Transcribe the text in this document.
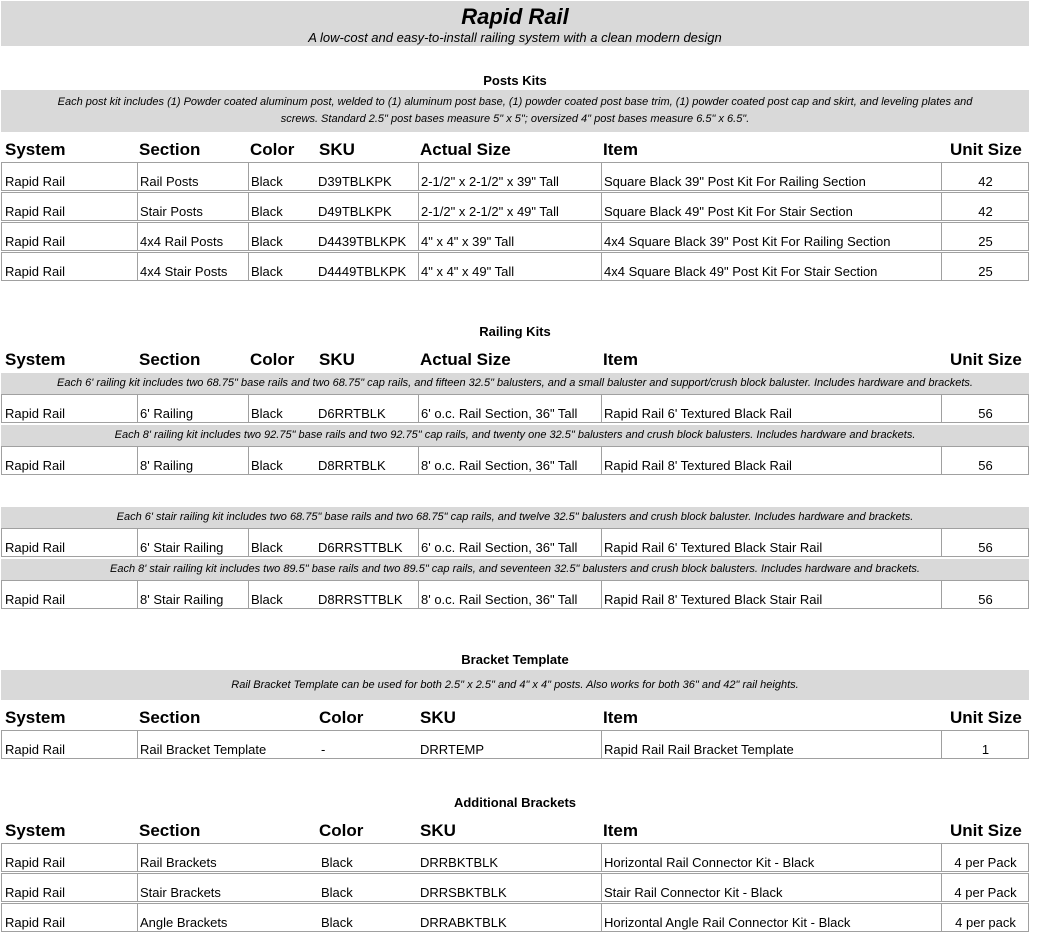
Rapid Rail
A low-cost and easy-to-install railing system with a clean modern design
Posts Kits
Each post kit includes (1) Powder coated aluminum post, welded to (1) aluminum post base, (1) powder coated post base trim, (1) powder coated post cap and skirt, and leveling plates and
screws. Standard 2.5" post bases measure 5" x 5"; oversized 4" post bases measure 6.5" x 6.5".
System	Section	Color SKU	Actual Size	Item	Unit Size
Rapid Rail	Rail Posts	Black	D39TBLKPK	2-1/2" x 2-1/2" x 39" Tall	Square Black 39" Post Kit For Railing Section	42
Rapid Rail	Stair Posts	Black	D49TBLKPK	2-1/2" x 2-1/2" x 49" Tall	Square Black 49" Post Kit For Stair Section	42
Rapid Rail	4x4 Rail Posts	Black	D4439TBLKPK	4" x 4" x 39" Tall	4x4 Square Black 39" Post Kit For Railing Section	25
Rapid Rail	4x4 Stair Posts	Black	D4449TBLKPK	4" x 4" x 49" Tall	4x4 Square Black 49" Post Kit For Stair Section	25
Railing Kits
System	Section	Color SKU	Actual Size	Item	Unit Size
Each 6' railing kit includes two 68.75" base rails and two 68.75" cap rails, and fifteen 32.5" balusters, and a small baluster and support/crush block baluster. Includes hardware and brackets.
Rapid Rail	6' Railing	Black	D6RRTBLK	6' o.c. Rail Section, 36" Tall	Rapid Rail 6' Textured Black Rail	56
Each 8' railing kit includes two 92.75" base rails and two 92.75" cap rails, and twenty one 32.5" balusters and crush block balusters. Includes hardware and brackets.
Rapid Rail	8' Railing	Black	D8RRTBLK	8' o.c. Rail Section, 36" Tall	Rapid Rail 8' Textured Black Rail	56
Each 6' stair railing kit includes two 68.75" base rails and two 68.75" cap rails, and twelve 32.5" balusters and crush block baluster. Includes hardware and brackets.
Rapid Rail	6' Stair Railing	Black	D6RRSTTBLK	6' o.c. Rail Section, 36" Tall	Rapid Rail 6' Textured Black Stair Rail	56
Each 8' stair railing kit includes two 89.5" base rails and two 89.5" cap rails, and seventeen 32.5" balusters and crush block balusters. Includes hardware and brackets.
Rapid Rail	8' Stair Railing	Black	D8RRSTTBLK	8' o.c. Rail Section, 36" Tall	Rapid Rail 8' Textured Black Stair Rail	56
Bracket Template
Rail Bracket Template can be used for both 2.5" x 2.5" and 4" x 4" posts. Also works for both 36" and 42" rail heights.
System	Section	Color	SKU	Item	Unit Size
Rapid Rail	Rail Bracket Template	-	DRRTEMP	Rapid Rail Rail Bracket Template	1
Additional Brackets
System	Section	Color	SKU	Item	Unit Size
Rapid Rail	Rail Brackets	Black	DRRBKTBLK	Horizontal Rail Connector Kit - Black	4 per Pack
Rapid Rail	Stair Brackets	Black	DRRSBKTBLK	Stair Rail Connector Kit - Black	4 per Pack
Rapid Rail	Angle Brackets	Black	DRRABKTBLK	Horizontal Angle Rail Connector Kit - Black	4 per pack
